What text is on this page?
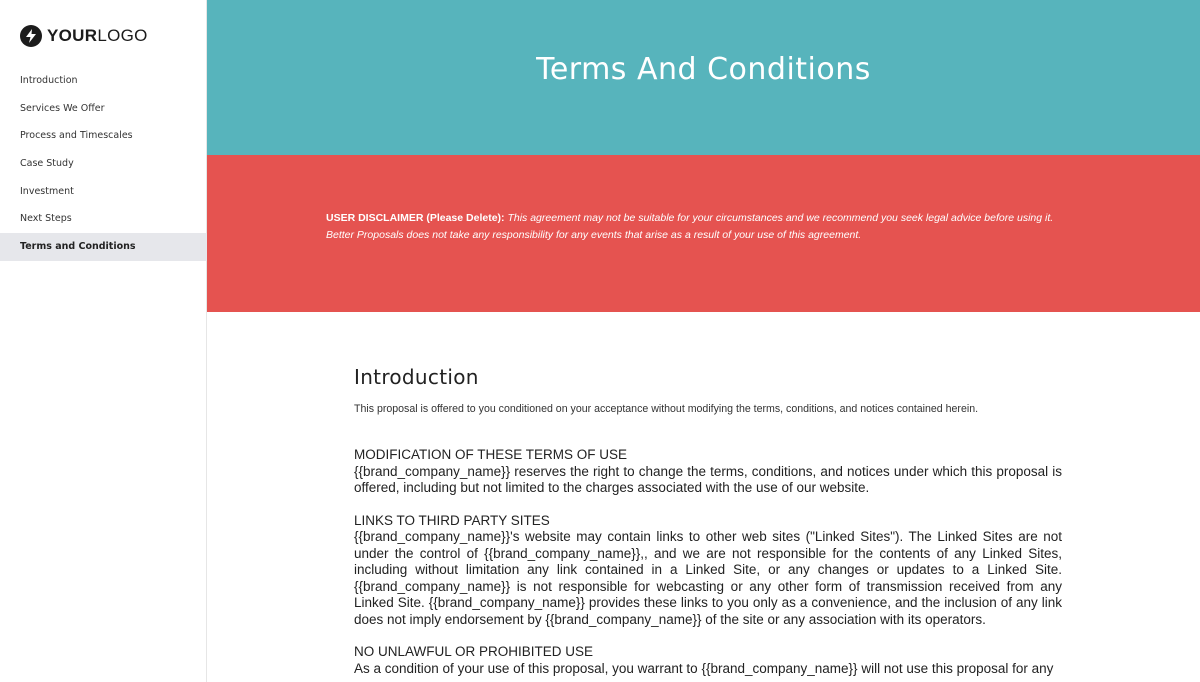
YOURLOGO
Introduction
Services We Offer
Process and Timescales
Case Study
Investment
Next Steps
Terms and Conditions
Terms And Conditions

USER DISCLAIMER (Please Delete): This agreement may not be suitable for your circumstances and we recommend you seek legal advice before using it. Better Proposals does not take any responsibility for any events that arise as a result of your use of this agreement.

Introduction
This proposal is offered to you conditioned on your acceptance without modifying the terms, conditions, and notices contained herein.
MODIFICATION OF THESE TERMS OF USE

{{brand_company_name}} reserves the right to change the terms, conditions, and notices under which this proposal is offered, including but not limited to the charges associated with the use of our website.

LINKS TO THIRD PARTY SITES

{{brand_company_name}}'s website may contain links to other web sites ("Linked Sites"). The Linked Sites are not under the control of {{brand_company_name}},, and we are not responsible for the contents of any Linked Sites, including without limitation any link contained in a Linked Site, or any changes or updates to a Linked Site. {{brand_company_name}} is not responsible for webcasting or any other form of transmission received from any Linked Site. {{brand_company_name}} provides these links to you only as a convenience, and the inclusion of any link does not imply endorsement by {{brand_company_name}} of the site or any association with its operators.

NO UNLAWFUL OR PROHIBITED USE

As a condition of your use of this proposal, you warrant to {{brand_company_name}} will not use this proposal for any
